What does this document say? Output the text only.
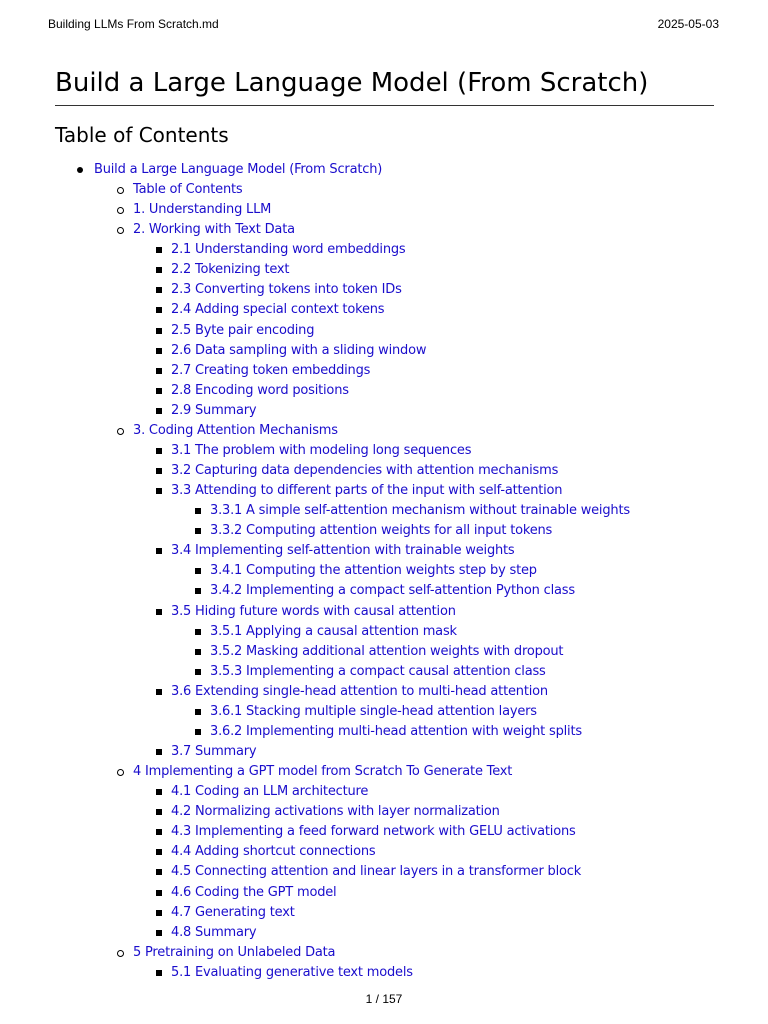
Building LLMs From Scratch.md	2025-05-03
Build a Large Language Model (From Scratch)
Table of Contents
Build a Large Language Model (From Scratch)
Table of Contents
1. Understanding LLM
2. Working with Text Data
2.1 Understanding word embeddings
2.2 Tokenizing text
2.3 Converting tokens into token IDs
2.4 Adding special context tokens
2.5 Byte pair encoding
2.6 Data sampling with a sliding window
2.7 Creating token embeddings
2.8 Encoding word positions
2.9 Summary
3. Coding Attention Mechanisms
3.1 The problem with modeling long sequences
3.2 Capturing data dependencies with attention mechanisms
3.3 Attending to different parts of the input with self-attention
3.3.1 A simple self-attention mechanism without trainable weights
3.3.2 Computing attention weights for all input tokens
3.4 Implementing self-attention with trainable weights
3.4.1 Computing the attention weights step by step
3.4.2 Implementing a compact self-attention Python class
3.5 Hiding future words with causal attention
3.5.1 Applying a causal attention mask
3.5.2 Masking additional attention weights with dropout
3.5.3 Implementing a compact causal attention class
3.6 Extending single-head attention to multi-head attention
3.6.1 Stacking multiple single-head attention layers
3.6.2 Implementing multi-head attention with weight splits
3.7 Summary
4 Implementing a GPT model from Scratch To Generate Text
4.1 Coding an LLM architecture
4.2 Normalizing activations with layer normalization
4.3 Implementing a feed forward network with GELU activations
4.4 Adding shortcut connections
4.5 Connecting attention and linear layers in a transformer block
4.6 Coding the GPT model
4.7 Generating text
4.8 Summary
5 Pretraining on Unlabeled Data
5.1 Evaluating generative text models
1 / 157
